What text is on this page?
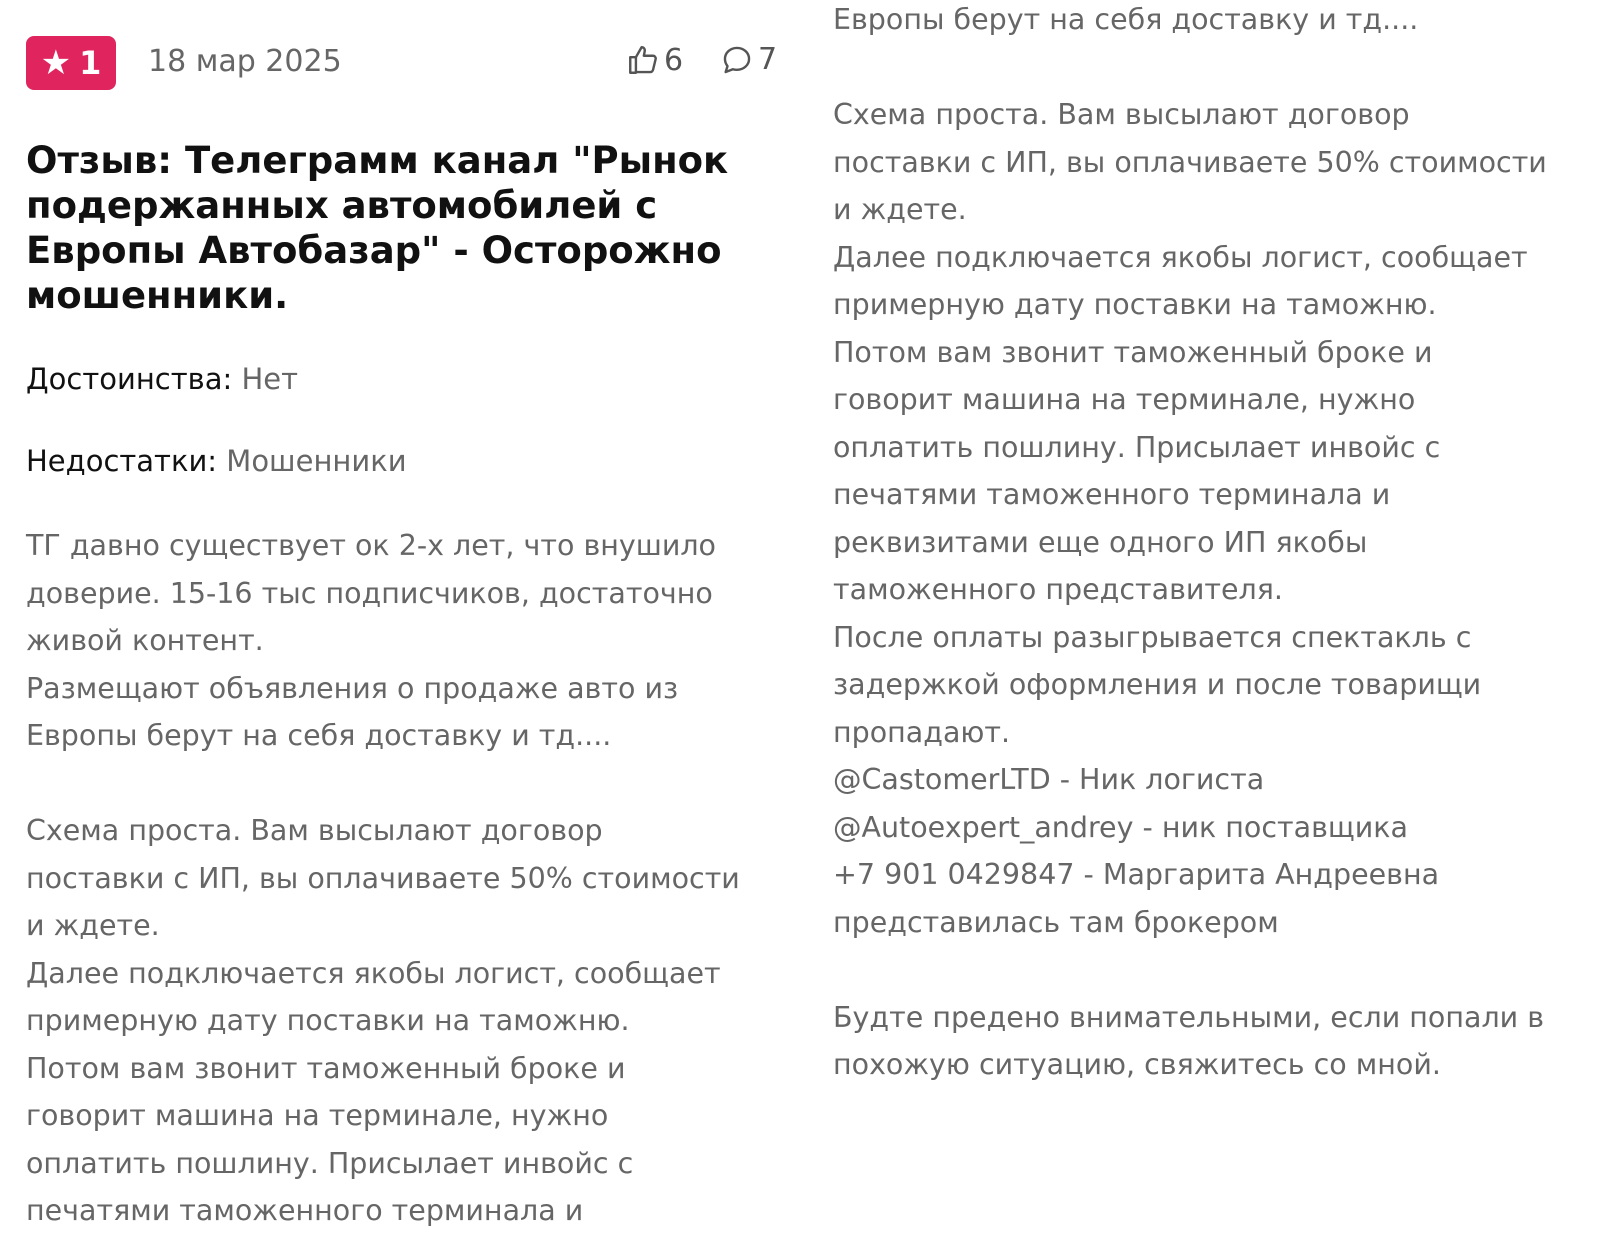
★ 1 18 мар 2025	6 7
Отзыв: Телеграмм канал "Рынок подержанных автомобилей с Европы Автобазар" - Осторожно мошенники.
Достоинства: Нет
Недостатки: Мошенники
ТГ давно существует ок 2-х лет, что внушило
доверие. 15-16 тыс подписчиков, достаточно
живой контент.
Размещают объявления о продаже авто из
Европы берут на себя доставку и тд....
Схема проста. Вам высылают договор
поставки с ИП, вы оплачиваете 50% стоимости
и ждете.
Далее подключается якобы логист, сообщает
примерную дату поставки на таможню.
Потом вам звонит таможенный броке и
говорит машина на терминале, нужно
оплатить пошлину. Присылает инвойс с
печатями таможенного терминала и
Европы берут на себя доставку и тд....
Схема проста. Вам высылают договор
поставки с ИП, вы оплачиваете 50% стоимости
и ждете.
Далее подключается якобы логист, сообщает
примерную дату поставки на таможню.
Потом вам звонит таможенный броке и
говорит машина на терминале, нужно
оплатить пошлину. Присылает инвойс с
печатями таможенного терминала и
реквизитами еще одного ИП якобы
таможенного представителя.
После оплаты разыгрывается спектакль с
задержкой оформления и после товарищи
пропадают.
@CastomerLTD - Ник логиста
@Autoexpert_andrey - ник поставщика
+7 901 0429847 - Маргарита Андреевна
представилась там брокером
Будте предено внимательными, если попали в
похожую ситуацию, свяжитесь со мной.
